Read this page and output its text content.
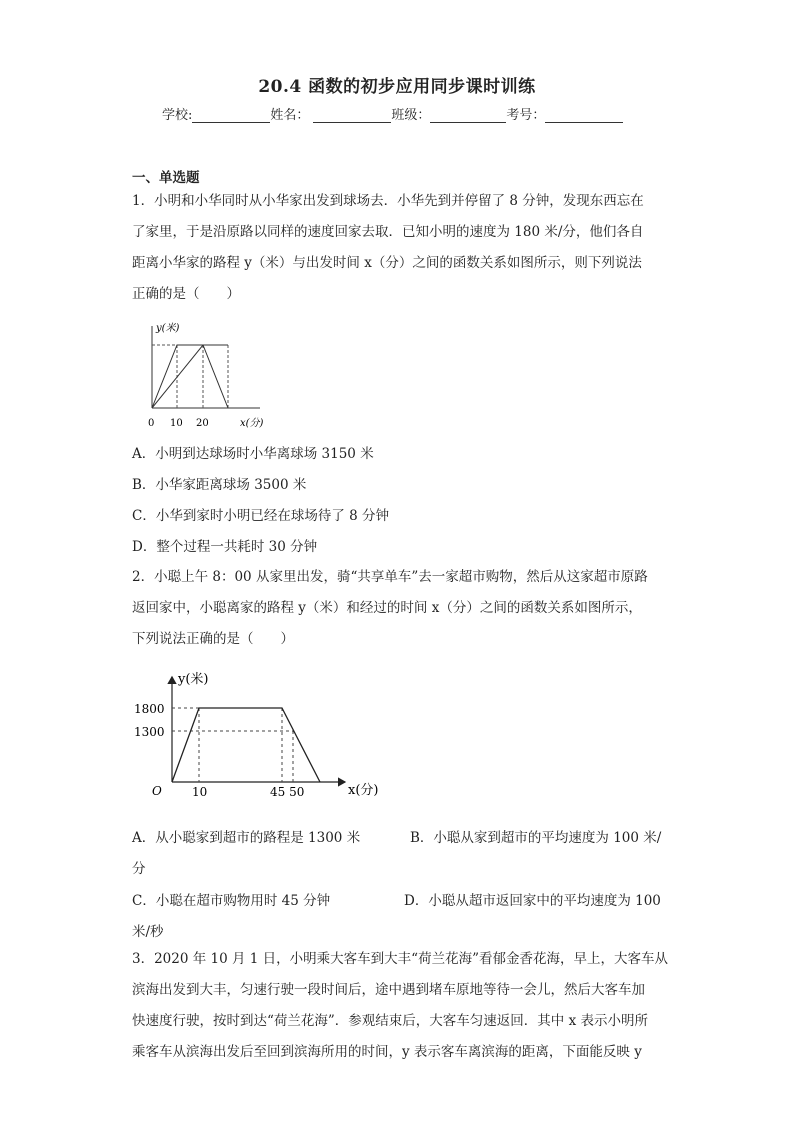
20.4 函数的初步应用同步课时训练
学校:	姓名：	班级：	考号：
一、单选题

1．小明和小华同时从小华家出发到球场去．小华先到并停留了 8 分钟，发现东西忘在

了家里，于是沿原路以同样的速度回家去取．已知小明的速度为 180 米/分，他们各自

距离小华家的路程 y（米）与出发时间 x（分）之间的函数关系如图所示，则下列说法

正确的是（　　）

y(米)
0 10 20	x(分)
A．小明到达球场时小华离球场 3150 米
B．小华家距离球场 3500 米
C．小华到家时小明已经在球场待了 8 分钟
D．整个过程一共耗时 30 分钟

2．小聪上午 8：00 从家里出发，骑“共享单车”去一家超市购物，然后从这家超市原路

返回家中，小聪离家的路程 y（米）和经过的时间 x（分）之间的函数关系如图所示，

下列说法正确的是（　　）

y(米)
1800
1300
O	10	45 50	x(分)
A．从小聪家到超市的路程是 1300 米	B．小聪从家到超市的平均速度为 100 米/
分
C．小聪在超市购物用时 45 分钟	D．小聪从超市返回家中的平均速度为 100
米/秒

3．2020 年 10 月 1 日，小明乘大客车到大丰“荷兰花海”看郁金香花海，早上，大客车从

滨海出发到大丰，匀速行驶一段时间后，途中遇到堵车原地等待一会儿，然后大客车加

快速度行驶，按时到达“荷兰花海”．参观结束后，大客车匀速返回．其中 x 表示小明所

乘客车从滨海出发后至回到滨海所用的时间，y 表示客车离滨海的距离，下面能反映 y
